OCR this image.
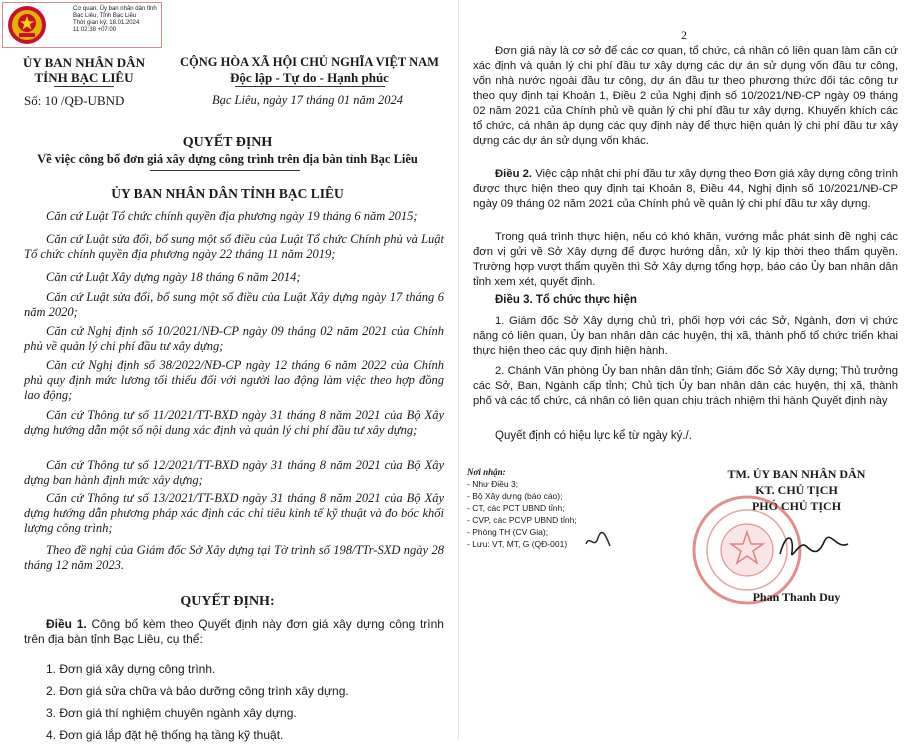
Cơ quan: Ủy ban nhân dân tỉnh Bạc Liêu, Tỉnh Bạc Liêu
Thời gian ký: 18.01.2024 11:02:38 +07:00
ỦY BAN NHÂN DÂN
TỈNH BẠC LIÊU
Số: 10 /QĐ-UBND
CỘNG HÒA XÃ HỘI CHỦ NGHĨA VIỆT NAM
Độc lập - Tự do - Hạnh phúc
Bạc Liêu, ngày 17 tháng 01 năm 2024
QUYẾT ĐỊNH
Về việc công bố đơn giá xây dựng công trình trên địa bàn tỉnh Bạc Liêu
ỦY BAN NHÂN DÂN TỈNH BẠC LIÊU

Căn cứ Luật Tổ chức chính quyền địa phương ngày 19 tháng 6 năm 2015;

Căn cứ Luật sửa đổi, bổ sung một số điều của Luật Tổ chức Chính phủ và Luật Tổ chức chính quyền địa phương ngày 22 tháng 11 năm 2019;

Căn cứ Luật Xây dựng ngày 18 tháng 6 năm 2014;

Căn cứ Luật sửa đổi, bổ sung một số điều của Luật Xây dựng ngày 17 tháng 6 năm 2020;

Căn cứ Nghị định số 10/2021/NĐ-CP ngày 09 tháng 02 năm 2021 của Chính phủ về quản lý chi phí đầu tư xây dựng;

Căn cứ Nghị định số 38/2022/NĐ-CP ngày 12 tháng 6 năm 2022 của Chính phủ quy định mức lương tối thiểu đối với người lao động làm việc theo hợp đồng lao động;

Căn cứ Thông tư số 11/2021/TT-BXD ngày 31 tháng 8 năm 2021 của Bộ Xây dựng hướng dẫn một số nội dung xác định và quản lý chi phí đầu tư xây dựng;

Căn cứ Thông tư số 12/2021/TT-BXD ngày 31 tháng 8 năm 2021 của Bộ Xây dựng ban hành định mức xây dựng;

Căn cứ Thông tư số 13/2021/TT-BXD ngày 31 tháng 8 năm 2021 của Bộ Xây dựng hướng dẫn phương pháp xác định các chỉ tiêu kinh tế kỹ thuật và đo bóc khối lượng công trình;

Theo đề nghị của Giám đốc Sở Xây dựng tại Tờ trình số 198/TTr-SXD ngày 28 tháng 12 năm 2023.

QUYẾT ĐỊNH:

Điều 1. Công bố kèm theo Quyết định này đơn giá xây dựng công trình trên địa bàn tỉnh Bạc Liêu, cụ thể:

1. Đơn giá xây dựng công trình.
2. Đơn giá sửa chữa và bảo dưỡng công trình xây dựng.
3. Đơn giá thí nghiệm chuyên ngành xây dựng.
4. Đơn giá lắp đặt hệ thống hạ tầng kỹ thuật.
2

Đơn giá này là cơ sở để các cơ quan, tổ chức, cá nhân có liên quan làm căn cứ xác định và quản lý chi phí đầu tư xây dựng các dự án sử dụng vốn đầu tư công, vốn nhà nước ngoài đầu tư công, dự án đầu tư theo phương thức đối tác công tư theo quy định tại Khoản 1, Điều 2 của Nghị định số 10/2021/NĐ-CP ngày 09 tháng 02 năm 2021 của Chính phủ về quản lý chi phí đầu tư xây dựng. Khuyến khích các tổ chức, cá nhân áp dụng các quy định này để thực hiện quản lý chi phí đầu tư xây dựng các dự án sử dụng vốn khác.

Điều 2. Việc cập nhật chi phí đầu tư xây dựng theo Đơn giá xây dựng công trình được thực hiện theo quy định tại Khoản 8, Điều 44, Nghị định số 10/2021/NĐ-CP ngày 09 tháng 02 năm 2021 của Chính phủ về quản lý chi phí đầu tư xây dựng.

Trong quá trình thực hiện, nếu có khó khăn, vướng mắc phát sinh đề nghị các đơn vị gửi về Sở Xây dựng để được hướng dẫn, xử lý kịp thời theo thẩm quyền. Trường hợp vượt thẩm quyền thì Sở Xây dựng tổng hợp, báo cáo Ủy ban nhân dân tỉnh xem xét, quyết định.

Điều 3. Tổ chức thực hiện

1. Giám đốc Sở Xây dựng chủ trì, phối hợp với các Sở, Ngành, đơn vị chức năng có liên quan, Ủy ban nhân dân các huyện, thị xã, thành phố tổ chức triển khai thực hiện theo các quy định hiện hành.

2. Chánh Văn phòng Ủy ban nhân dân tỉnh; Giám đốc Sở Xây dựng; Thủ trưởng các Sở, Ban, Ngành cấp tỉnh; Chủ tịch Ủy ban nhân dân các huyện, thị xã, thành phố và các tổ chức, cá nhân có liên quan chịu trách nhiệm thi hành Quyết định này

Quyết định có hiệu lực kể từ ngày ký./.
Nơi nhận:
- Như Điều 3;
- Bộ Xây dựng (báo cáo);
- CT, các PCT UBND tỉnh;
- CVP, các PCVP UBND tỉnh;
- Phòng TH (CV Gia);
- Lưu: VT, MT, G (QĐ-001)
TM. ỦY BAN NHÂN DÂN
KT. CHỦ TỊCH
PHÓ CHỦ TỊCH
Phan Thanh Duy
